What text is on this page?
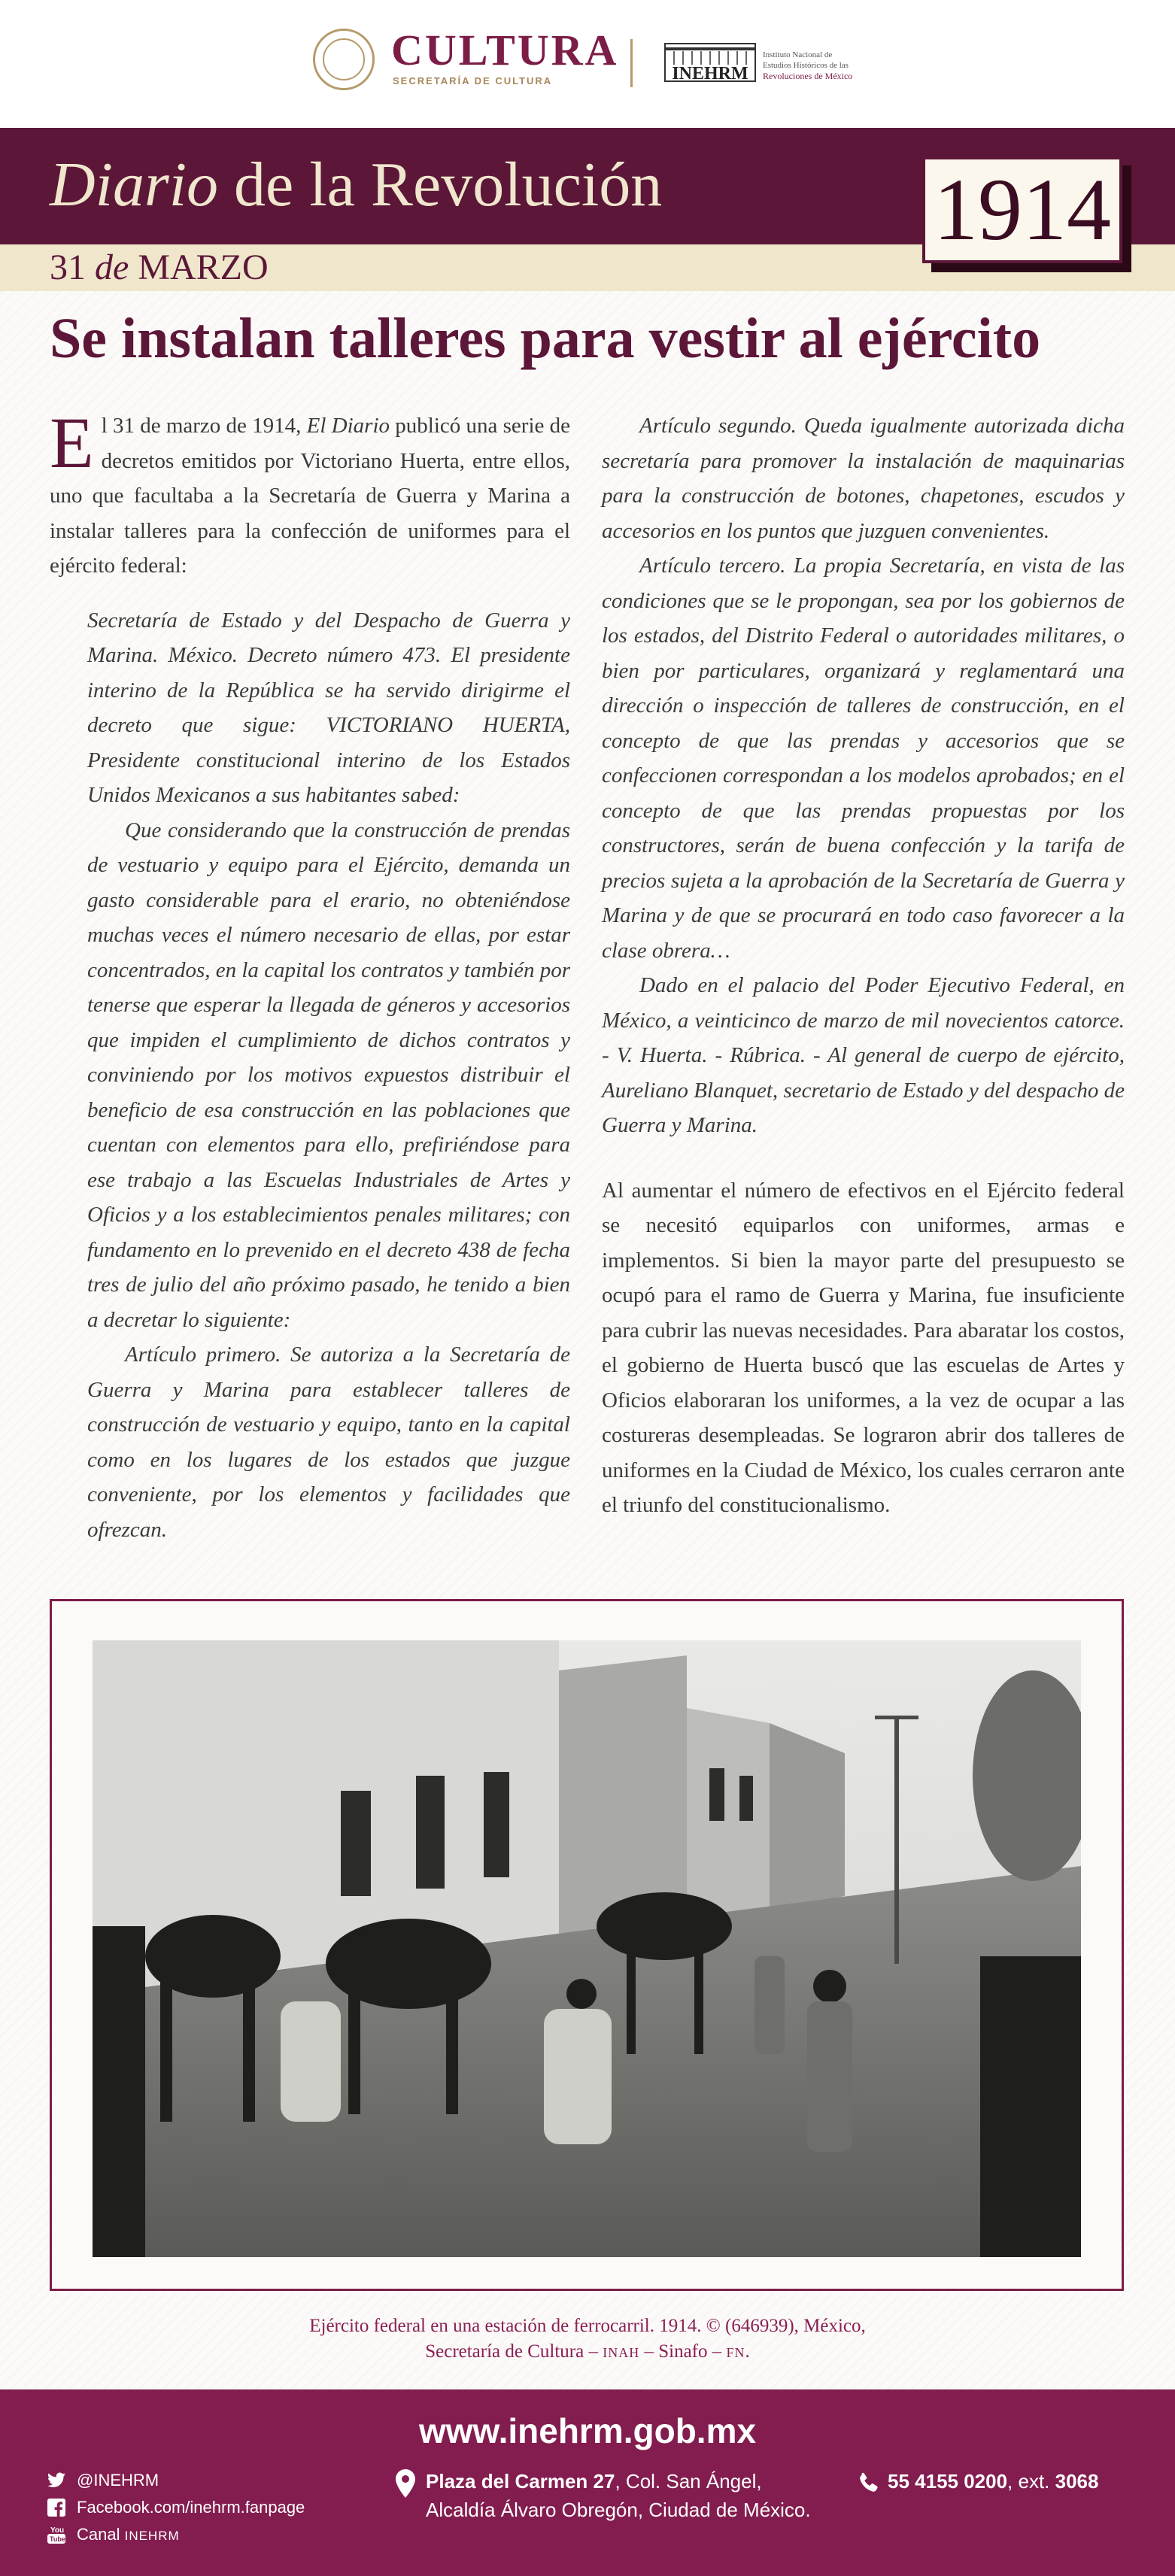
CULTURA
SECRETARÍA DE CULTURA	INEHRM
Instituto Nacional de
Estudios Históricos de las
Revoluciones de México
Diario de la Revolución
31 de MARZO
1914
Se instalan talleres para vestir al ejército

El 31 de marzo de 1914, El Diario publicó una serie de decretos emitidos por Victoriano Huerta, entre ellos, uno que facultaba a la Secretaría de Guerra y Marina a instalar talleres para la confección de uniformes para el ejército federal:

Secretaría de Estado y del Despacho de Guerra y Marina. México. Decreto número 473. El presidente interino de la República se ha servido dirigirme el decreto que sigue: VICTORIANO HUERTA, Presidente constitucional interino de los Estados Unidos Mexicanos a sus habitantes sabed:

Que considerando que la construcción de prendas de vestuario y equipo para el Ejército, demanda un gasto considerable para el erario, no obteniéndose muchas veces el número necesario de ellas, por estar concentrados, en la capital los contratos y también por tenerse que esperar la llegada de géneros y accesorios que impiden el cumplimiento de dichos contratos y conviniendo por los motivos expuestos distribuir el beneficio de esa construcción en las poblaciones que cuentan con elementos para ello, prefiriéndose para ese trabajo a las Escuelas Industriales de Artes y Oficios y a los establecimientos penales militares; con fundamento en lo prevenido en el decreto 438 de fecha tres de julio del año próximo pasado, he tenido a bien a decretar lo siguiente:

Artículo primero. Se autoriza a la Secretaría de Guerra y Marina para establecer talleres de construcción de vestuario y equipo, tanto en la capital como en los lugares de los estados que juzgue conveniente, por los elementos y facilidades que ofrezcan.

Artículo segundo. Queda igualmente autorizada dicha secretaría para promover la instalación de maquinarias para la construcción de botones, chapetones, escudos y accesorios en los puntos que juzguen convenientes.

Artículo tercero. La propia Secretaría, en vista de las condiciones que se le propongan, sea por los gobiernos de los estados, del Distrito Federal o autoridades militares, o bien por particulares, organizará y reglamentará una dirección o inspección de talleres de construcción, en el concepto de que las prendas y accesorios que se confeccionen correspondan a los modelos aprobados; en el concepto de que las prendas propuestas por los constructores, serán de buena confección y la tarifa de precios sujeta a la aprobación de la Secretaría de Guerra y Marina y de que se procurará en todo caso favorecer a la clase obrera…

Dado en el palacio del Poder Ejecutivo Federal, en México, a veinticinco de marzo de mil novecientos catorce. - V. Huerta. - Rúbrica. - Al general de cuerpo de ejército, Aureliano Blanquet, secretario de Estado y del despacho de Guerra y Marina.

Al aumentar el número de efectivos en el Ejército federal se necesitó equiparlos con uniformes, armas e implementos. Si bien la mayor parte del presupuesto se ocupó para el ramo de Guerra y Marina, fue insuficiente para cubrir las nuevas necesidades. Para abaratar los costos, el gobierno de Huerta buscó que las escuelas de Artes y Oficios elaboraran los uniformes, a la vez de ocupar a las costureras desempleadas. Se lograron abrir dos talleres de uniformes en la Ciudad de México, los cuales cerraron ante el triunfo del constitucionalismo.

Ejército federal en una estación de ferrocarril. 1914. © (646939), México,
Secretaría de Cultura – INAH – Sinafo – FN.
www.inehrm.gob.mx
@INEHRM
Facebook.com/inehrm.fanpage
You
Tube Canal INEHRM
Plaza del Carmen 27, Col. San Ángel,
Alcaldía Álvaro Obregón, Ciudad de México.
55 4155 0200, ext. 3068
